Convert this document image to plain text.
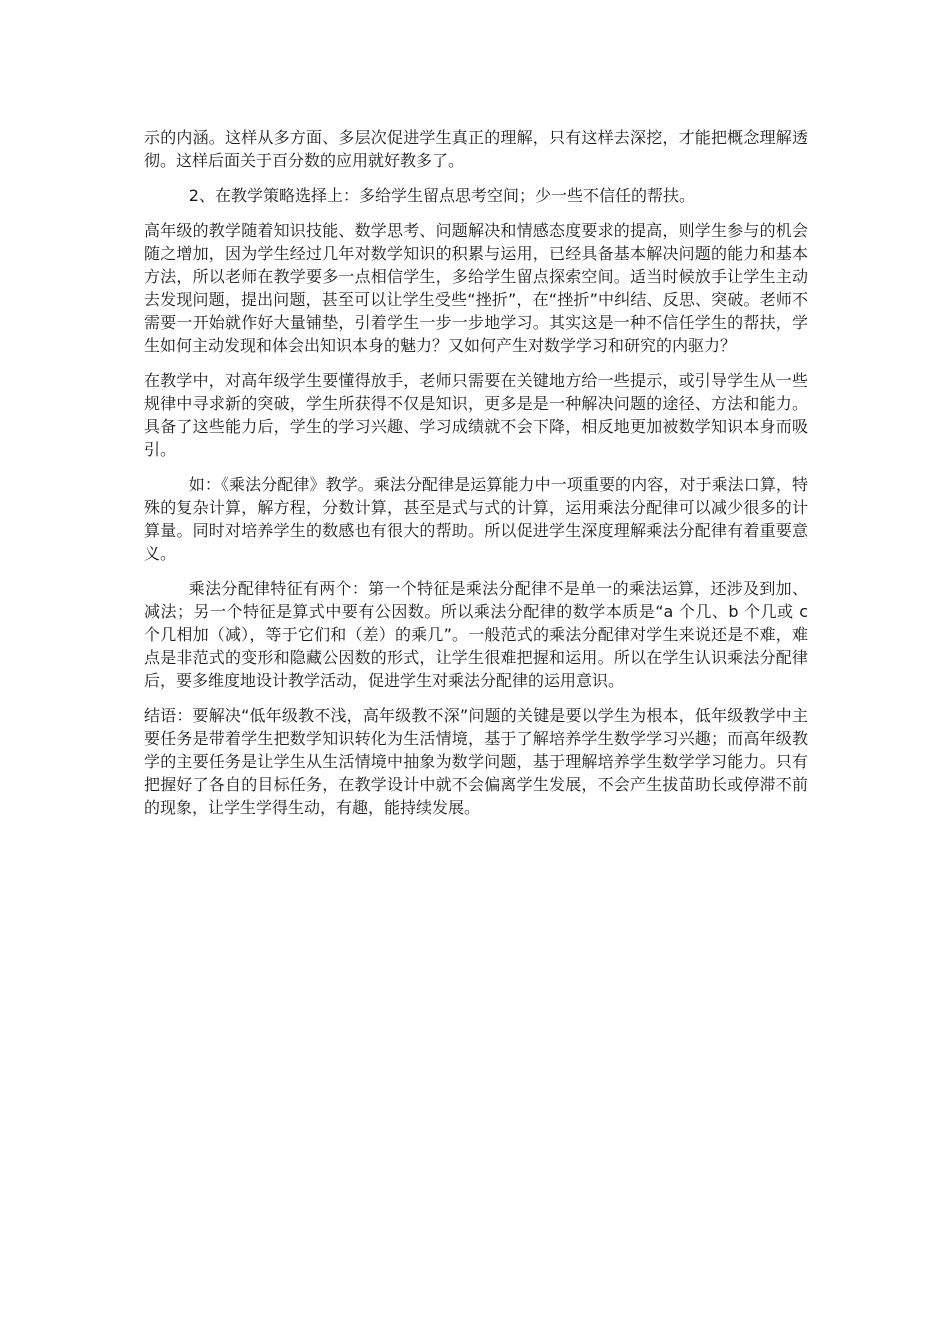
示的内涵。这样从多方面、多层次促进学生真正的理解，只有这样去深挖，才能把概念理解透彻。这样后面关于百分数的应用就好教多了。

2、在教学策略选择上：多给学生留点思考空间；少一些不信任的帮扶。

高年级的教学随着知识技能、数学思考、问题解决和情感态度要求的提高，则学生参与的机会随之增加，因为学生经过几年对数学知识的积累与运用，已经具备基本解决问题的能力和基本方法，所以老师在教学要多一点相信学生，多给学生留点探索空间。适当时候放手让学生主动去发现问题，提出问题，甚至可以让学生受些“挫折”，在“挫折”中纠结、反思、突破。老师不需要一开始就作好大量铺垫，引着学生一步一步地学习。其实这是一种不信任学生的帮扶，学生如何主动发现和体会出知识本身的魅力？又如何产生对数学学习和研究的内驱力？

在教学中，对高年级学生要懂得放手，老师只需要在关键地方给一些提示，或引导学生从一些规律中寻求新的突破，学生所获得不仅是知识，更多是是一种解决问题的途径、方法和能力。具备了这些能力后，学生的学习兴趣、学习成绩就不会下降，相反地更加被数学知识本身而吸引。

如：《乘法分配律》教学。乘法分配律是运算能力中一项重要的内容，对于乘法口算，特殊的复杂计算，解方程，分数计算，甚至是式与式的计算，运用乘法分配律可以减少很多的计算量。同时对培养学生的数感也有很大的帮助。所以促进学生深度理解乘法分配律有着重要意义。

乘法分配律特征有两个：第一个特征是乘法分配律不是单一的乘法运算，还涉及到加、减法；另一个特征是算式中要有公因数。所以乘法分配律的数学本质是“a 个几、b 个几或 c 个几相加（减），等于它们和（差）的乘几”。一般范式的乘法分配律对学生来说还是不难，难点是非范式的变形和隐藏公因数的形式，让学生很难把握和运用。所以在学生认识乘法分配律后，要多维度地设计教学活动，促进学生对乘法分配律的运用意识。

结语：要解决“低年级教不浅，高年级教不深”问题的关键是要以学生为根本，低年级教学中主要任务是带着学生把数学知识转化为生活情境，基于了解培养学生数学学习兴趣；而高年级教学的主要任务是让学生从生活情境中抽象为数学问题，基于理解培养学生数学学习能力。只有把握好了各自的目标任务，在教学设计中就不会偏离学生发展，不会产生拔苗助长或停滞不前的现象，让学生学得生动，有趣，能持续发展。
